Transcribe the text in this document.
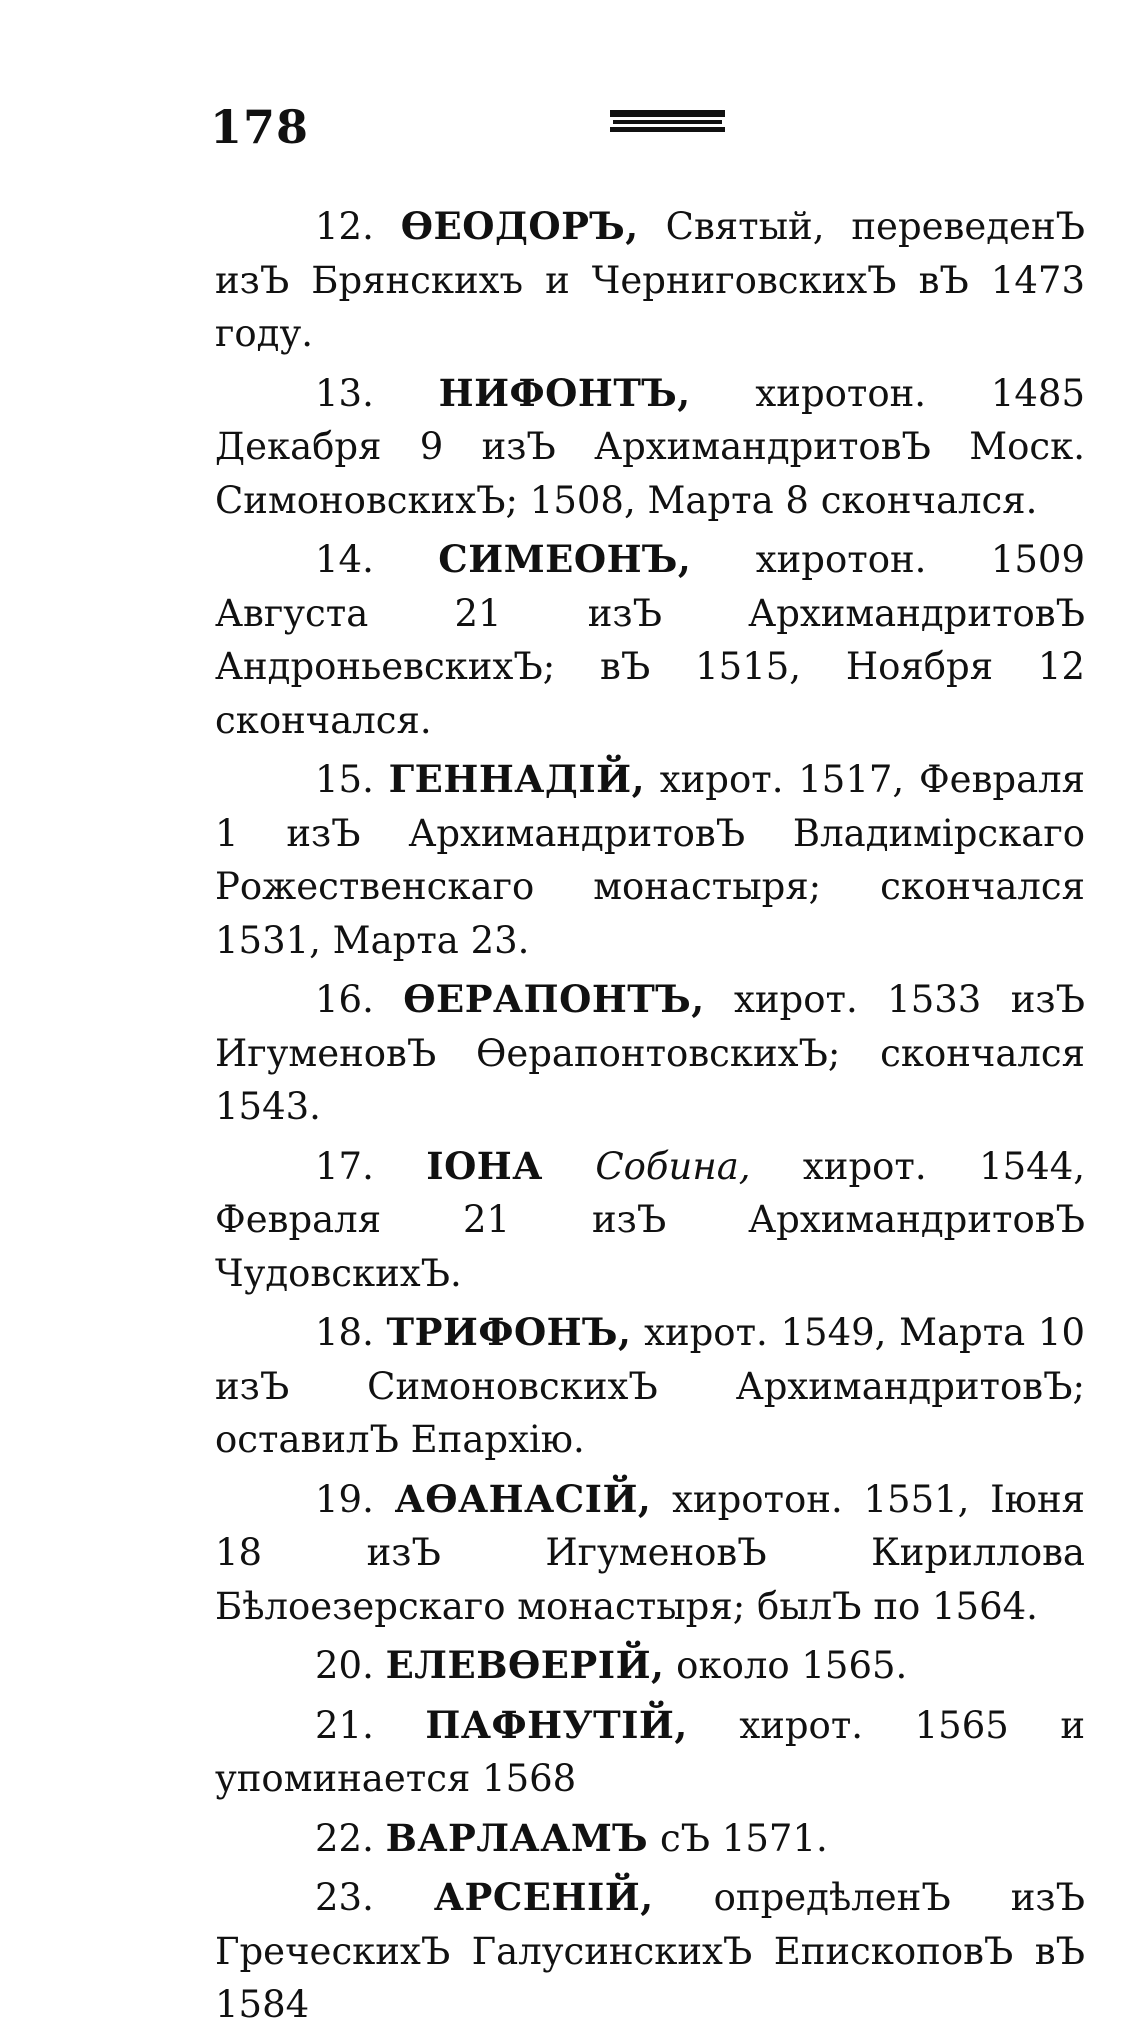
178

12. ѲЕОДОРЪ, Святый, переведенЪ изЪ Брянскихъ и ЧерниговскихЪ вЪ 1473 году.

13. НИФОНТЪ, хиротон. 1485 Декабря 9 изЪ АрхимандритовЪ Моск. СимоновскихЪ; 1508, Марта 8 скончался.

14. СИМЕОНЪ, хиротон. 1509 Августа 21 изЪ АрхимандритовЪ АндроньевскихЪ; вЪ 1515, Ноября 12 скончался.

15. ГЕННАДІЙ, хирот. 1517, Февраля 1 изЪ АрхимандритовЪ Владимірскаго Рожественскаго монастыря; скончался 1531, Марта 23.

16. ѲЕРАПОНТЪ, хирот. 1533 изЪ ИгуменовЪ ѲерапонтовскихЪ; скончался 1543.

17. ІОНА Собина, хирот. 1544, Февраля 21 изЪ АрхимандритовЪ ЧудовскихЪ.

18. ТРИФОНЪ, хирот. 1549, Марта 10 изЪ СимоновскихЪ АрхимандритовЪ; оставилЪ Епархію.

19. АѲАНАСІЙ, хиротон. 1551, Іюня 18 изЪ ИгуменовЪ Кириллова Бѣлоезерскаго монастыря; былЪ по 1564.

20. ЕЛЕВѲЕРІЙ, около 1565.

21. ПАФНУТІЙ, хирот. 1565 и упоминается 1568

22. ВАРЛААМЪ сЪ 1571.

23. АРСЕНІЙ, опредѣленЪ изЪ ГреческихЪ ГалусинскихЪ ЕпископовЪ вЪ 1584
